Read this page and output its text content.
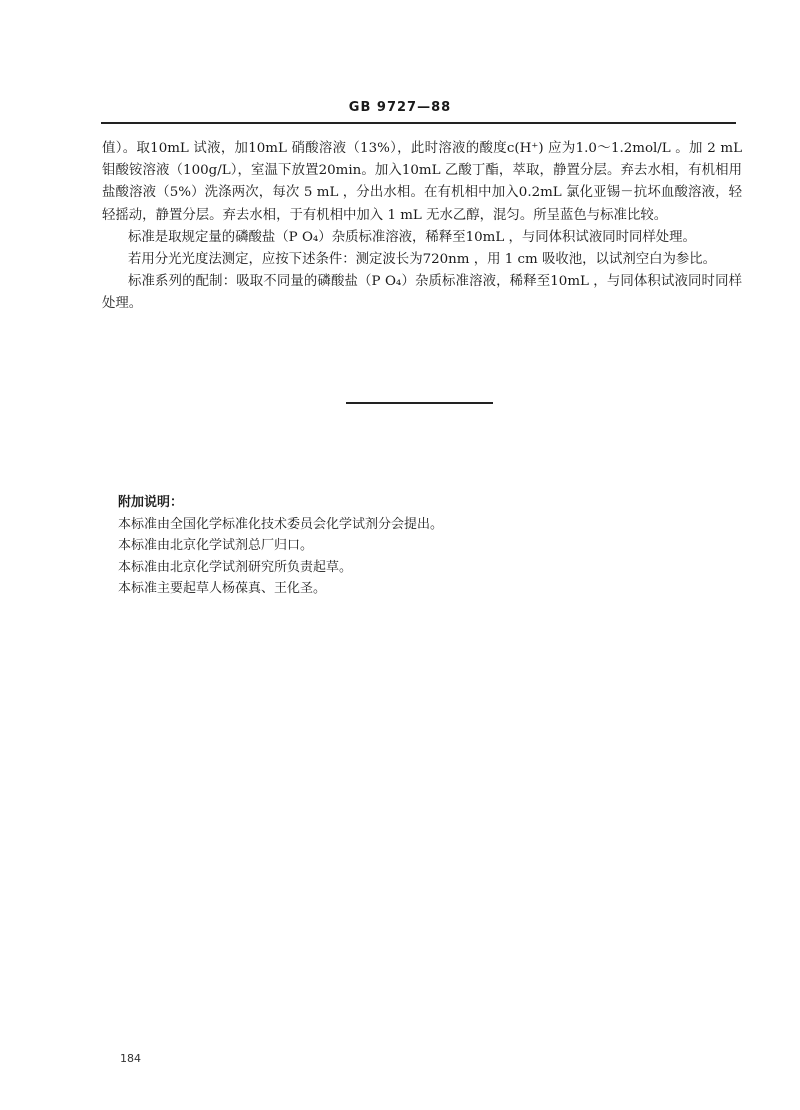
GB 9727—88

值）。取10mL 试液，加10mL 硝酸溶液（13%），此时溶液的酸度c(H⁺) 应为1.0～1.2mol/L 。加 2 mL 钼酸铵溶液（100g/L），室温下放置20min。加入10mL 乙酸丁酯，萃取，静置分层。弃去水相，有机相用盐酸溶液（5%）洗涤两次，每次 5 mL ，分出水相。在有机相中加入0.2mL 氯化亚锡－抗坏血酸溶液，轻轻摇动，静置分层。弃去水相，于有机相中加入 1 mL 无水乙醇，混匀。所呈蓝色与标准比较。

标准是取规定量的磷酸盐（P O₄）杂质标准溶液，稀释至10mL ，与同体积试液同时同样处理。

若用分光光度法测定，应按下述条件：测定波长为720nm ，用 1 cm 吸收池，以试剂空白为参比。

标准系列的配制：吸取不同量的磷酸盐（P O₄）杂质标准溶液，稀释至10mL ，与同体积试液同时同样处理。

附加说明：

本标准由全国化学标准化技术委员会化学试剂分会提出。

本标准由北京化学试剂总厂归口。

本标准由北京化学试剂研究所负责起草。

本标准主要起草人杨葆真、王化圣。

184
